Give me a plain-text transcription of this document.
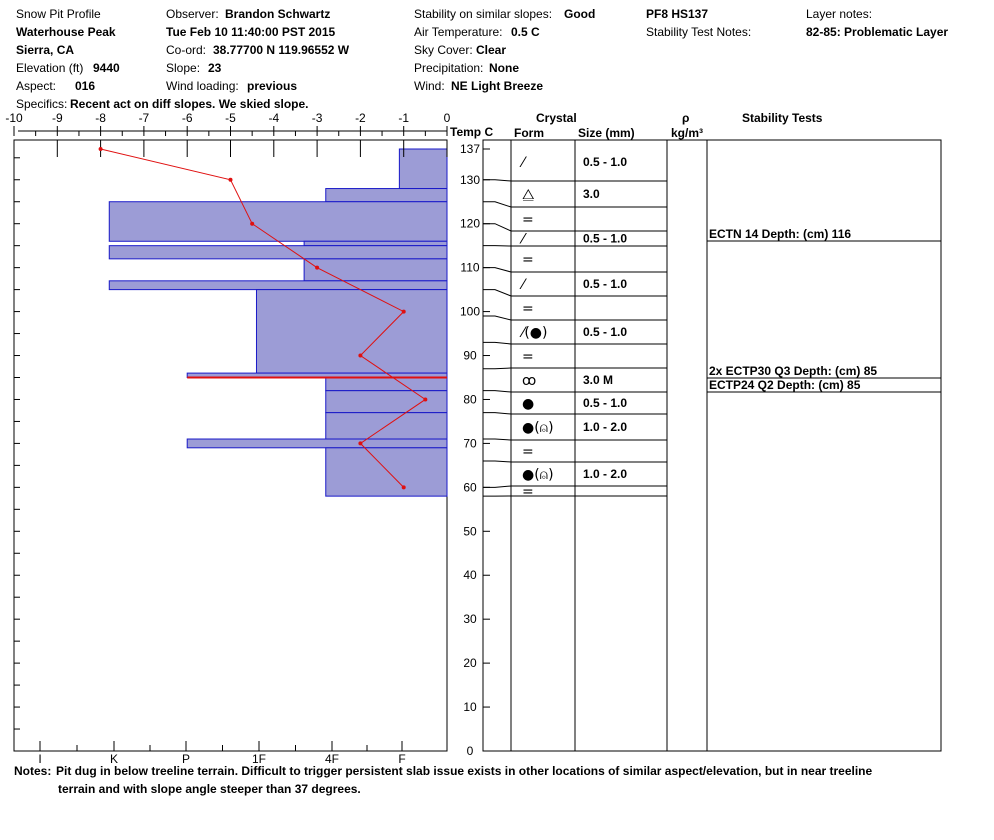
Snow Pit Profile
Waterhouse Peak
Sierra, CA
Elevation (ft) 9440
Aspect: 016
Specifics: Recent act on diff slopes. We skied slope.
Observer: Brandon Schwartz
Tue Feb 10 11:40:00 PST 2015
Co-ord: 38.77700 N 119.96552 W
Slope: 23
Wind loading: previous
Stability on similar slopes: Good
Air Temperature: 0.5 C
Sky Cover: Clear
Precipitation: None
Wind: NE Light Breeze
PF8 HS137
Stability Test Notes:
Layer notes:
82-85: Problematic Layer
Temp C
Crystal
Form	Size (mm)
ρ
kg/m³
Stability Tests
Notes: Pit dug in below treeline terrain. Difficult to trigger persistent slab issue exists in other locations of similar aspect/elevation, but in near treeline
terrain and with slope angle steeper than 37 degrees.
-10 -9	-8	-7	-6	-5	-4	-3	-2	-1	0
I	K	P	1F	4F	F
137
130
120
110
100
90
80
70
60
50
40
30
20
10
0
⁄	0.5 - 1.0
⧋	3.0
=
⁄	0.5 - 1.0
=
⁄	0.5 - 1.0
=
⁄(●)	0.5 - 1.0
=
ꝏ	3.0 M
●	0.5 - 1.0
●(⍝) 1.0 - 2.0
=
●(⍝) 1.0 - 2.0
=
ECTN 14 Depth: (cm) 116
2x ECTP30 Q3 Depth: (cm) 85
ECTP24 Q2 Depth: (cm) 85
